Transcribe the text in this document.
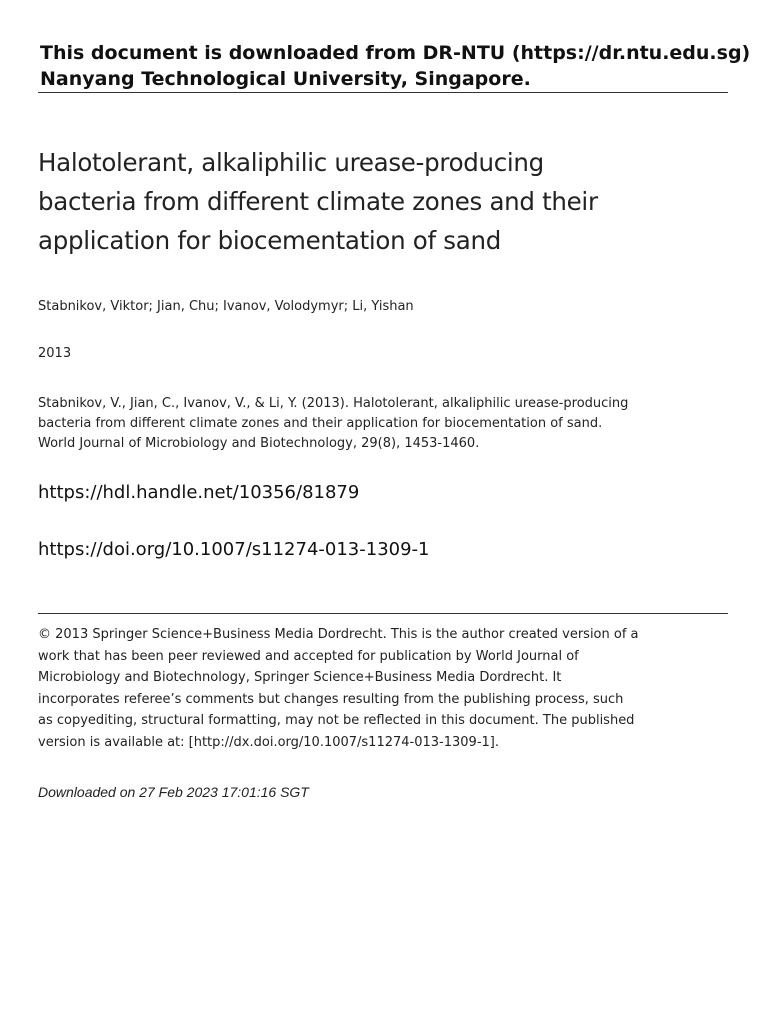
This document is downloaded from DR‑NTU (https://dr.ntu.edu.sg)
Nanyang Technological University, Singapore.
Halotolerant, alkaliphilic urease‑producing
bacteria from different climate zones and their
application for biocementation of sand
Stabnikov, Viktor; Jian, Chu; Ivanov, Volodymyr; Li, Yishan
2013
Stabnikov, V., Jian, C., Ivanov, V., & Li, Y. (2013). Halotolerant, alkaliphilic urease‑producing
bacteria from different climate zones and their application for biocementation of sand.
World Journal of Microbiology and Biotechnology, 29(8), 1453‑1460.
https://hdl.handle.net/10356/81879
https://doi.org/10.1007/s11274‑013‑1309‑1
© 2013 Springer Science+Business Media Dordrecht. This is the author created version of a
work that has been peer reviewed and accepted for publication by World Journal of
Microbiology and Biotechnology, Springer Science+Business Media Dordrecht. It
incorporates referee’s comments but changes resulting from the publishing process, such
as copyediting, structural formatting, may not be reflected in this document. The published
version is available at: [http://dx.doi.org/10.1007/s11274‑013‑1309‑1].
Downloaded on 27 Feb 2023 17:01:16 SGT
